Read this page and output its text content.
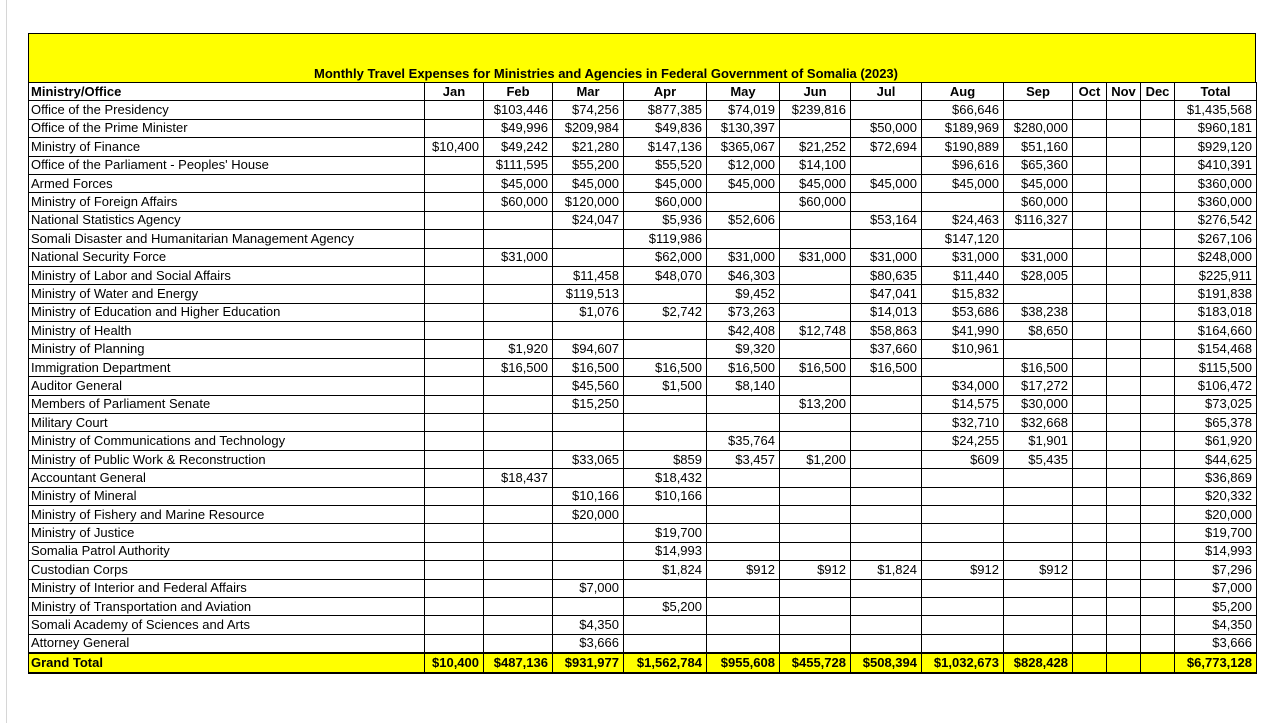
Monthly Travel Expenses for Ministries and Agencies in Federal Government of Somalia (2023)
Ministry/Office	Jan	Feb	Mar	Apr	May	Jun	Jul	Aug	Sep	Oct	Nov	Dec	Total
Office of the Presidency		$103,446	$74,256	$877,385	$74,019	$239,816		$66,646					$1,435,568
Office of the Prime Minister		$49,996	$209,984	$49,836	$130,397		$50,000	$189,969	$280,000				$960,181
Ministry of Finance	$10,400	$49,242	$21,280	$147,136	$365,067	$21,252	$72,694	$190,889	$51,160				$929,120
Office of the Parliament - Peoples' House		$111,595	$55,200	$55,520	$12,000	$14,100		$96,616	$65,360				$410,391
Armed Forces		$45,000	$45,000	$45,000	$45,000	$45,000	$45,000	$45,000	$45,000				$360,000
Ministry of Foreign Affairs		$60,000	$120,000	$60,000		$60,000			$60,000				$360,000
National Statistics Agency			$24,047	$5,936	$52,606		$53,164	$24,463	$116,327				$276,542
Somali Disaster and Humanitarian Management Agency				$119,986				$147,120					$267,106
National Security Force		$31,000		$62,000	$31,000	$31,000	$31,000	$31,000	$31,000				$248,000
Ministry of Labor and Social Affairs			$11,458	$48,070	$46,303		$80,635	$11,440	$28,005				$225,911
Ministry of Water and Energy			$119,513		$9,452		$47,041	$15,832					$191,838
Ministry of Education and Higher Education			$1,076	$2,742	$73,263		$14,013	$53,686	$38,238				$183,018
Ministry of Health					$42,408	$12,748	$58,863	$41,990	$8,650				$164,660
Ministry of Planning		$1,920	$94,607		$9,320		$37,660	$10,961					$154,468
Immigration Department		$16,500	$16,500	$16,500	$16,500	$16,500	$16,500		$16,500				$115,500
Auditor General			$45,560	$1,500	$8,140			$34,000	$17,272				$106,472
Members of Parliament Senate			$15,250			$13,200		$14,575	$30,000				$73,025
Military Court								$32,710	$32,668				$65,378
Ministry of Communications and Technology					$35,764			$24,255	$1,901				$61,920
Ministry of Public Work & Reconstruction			$33,065	$859	$3,457	$1,200		$609	$5,435				$44,625
Accountant General		$18,437		$18,432									$36,869
Ministry of Mineral			$10,166	$10,166									$20,332
Ministry of Fishery and Marine Resource			$20,000										$20,000
Ministry of Justice				$19,700									$19,700
Somalia Patrol Authority				$14,993									$14,993
Custodian Corps				$1,824	$912	$912	$1,824	$912	$912				$7,296
Ministry of Interior and Federal Affairs			$7,000										$7,000
Ministry of Transportation and Aviation				$5,200									$5,200
Somali Academy of Sciences and Arts			$4,350										$4,350
Attorney General			$3,666										$3,666
Grand Total	$10,400	$487,136	$931,977	$1,562,784	$955,608	$455,728	$508,394	$1,032,673	$828,428				$6,773,128
